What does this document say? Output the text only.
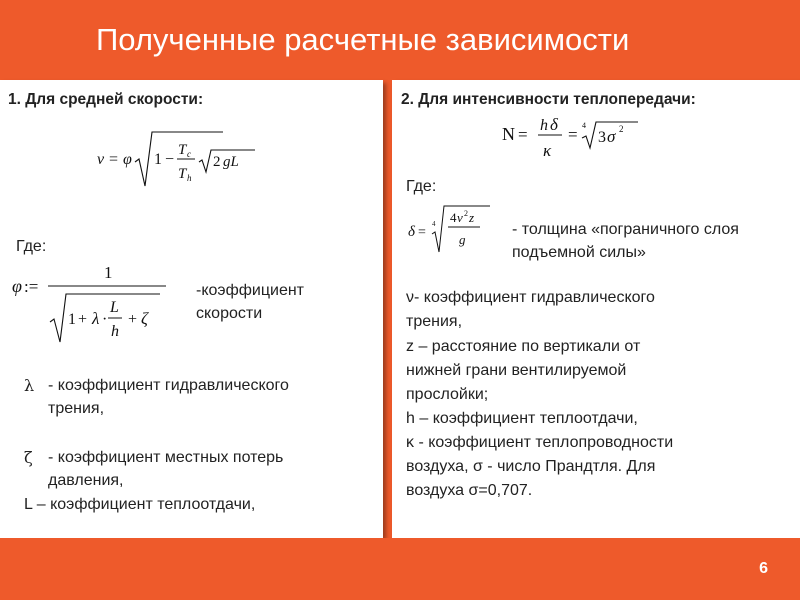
Полученные расчетные зависимости
1. Для средней скорости:
v = φ 1 −
T c
T h
2 gL
Где:
φ :=
1
1 + λ ·
L
h
+ ζ
-коэффициент
скорости
λ - коэффициент гидравлического
трения,
ζ - коэффициент местных потерь
давления,
L – коэффициент теплоотдачи,
2. Для интенсивности теплопередачи:
N = h δ
κ
= 4
3 σ 2
Где:
δ =
4 4 ν 2 z
g
- толщина «пограничного слоя
подъемной силы»
ν- коэффициент гидравлического
трения,
z – расстояние по вертикали от
нижней грани вентилируемой
прослойки;
h – коэффициент теплоотдачи,
κ - коэффициент теплопроводности
воздуха, σ - число Прандтля. Для
воздуха σ=0,707.
6
